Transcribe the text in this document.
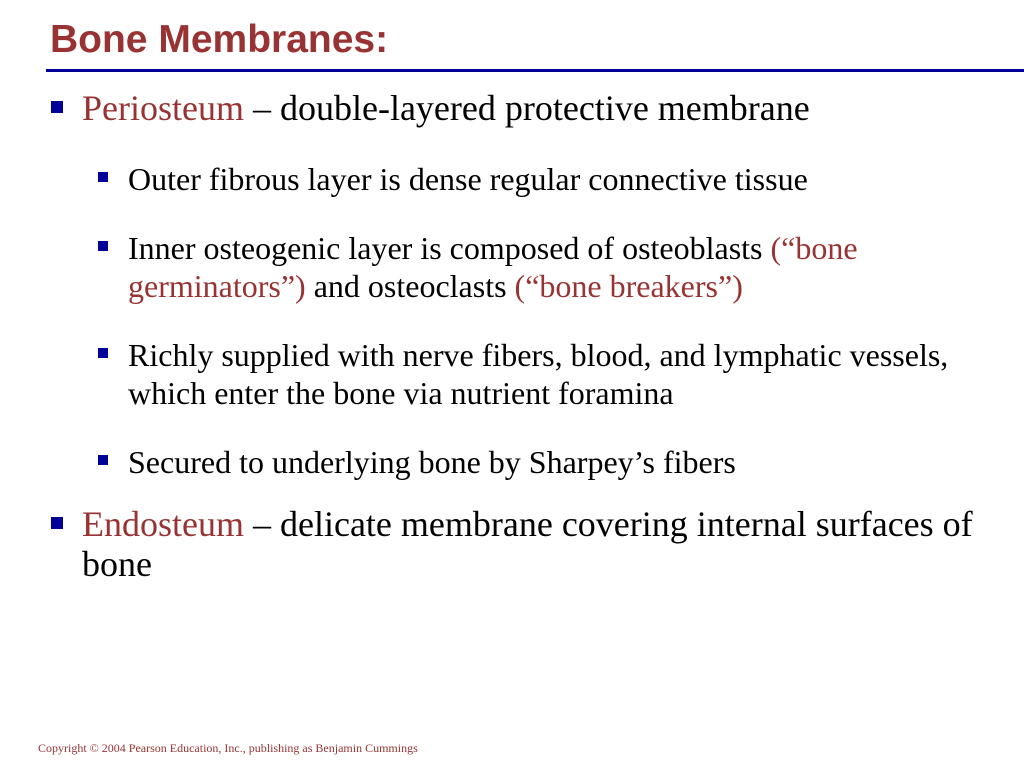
Bone Membranes:
Periosteum – double-layered protective membrane
Outer fibrous layer is dense regular connective tissue
Inner osteogenic layer is composed of osteoblasts (“bone germinators”) and osteoclasts (“bone breakers”)
Richly supplied with nerve fibers, blood, and lymphatic vessels, which enter the bone via nutrient foramina
Secured to underlying bone by Sharpey’s fibers
Endosteum – delicate membrane covering internal surfaces of bone
Copyright © 2004 Pearson Education, Inc., publishing as Benjamin Cummings
